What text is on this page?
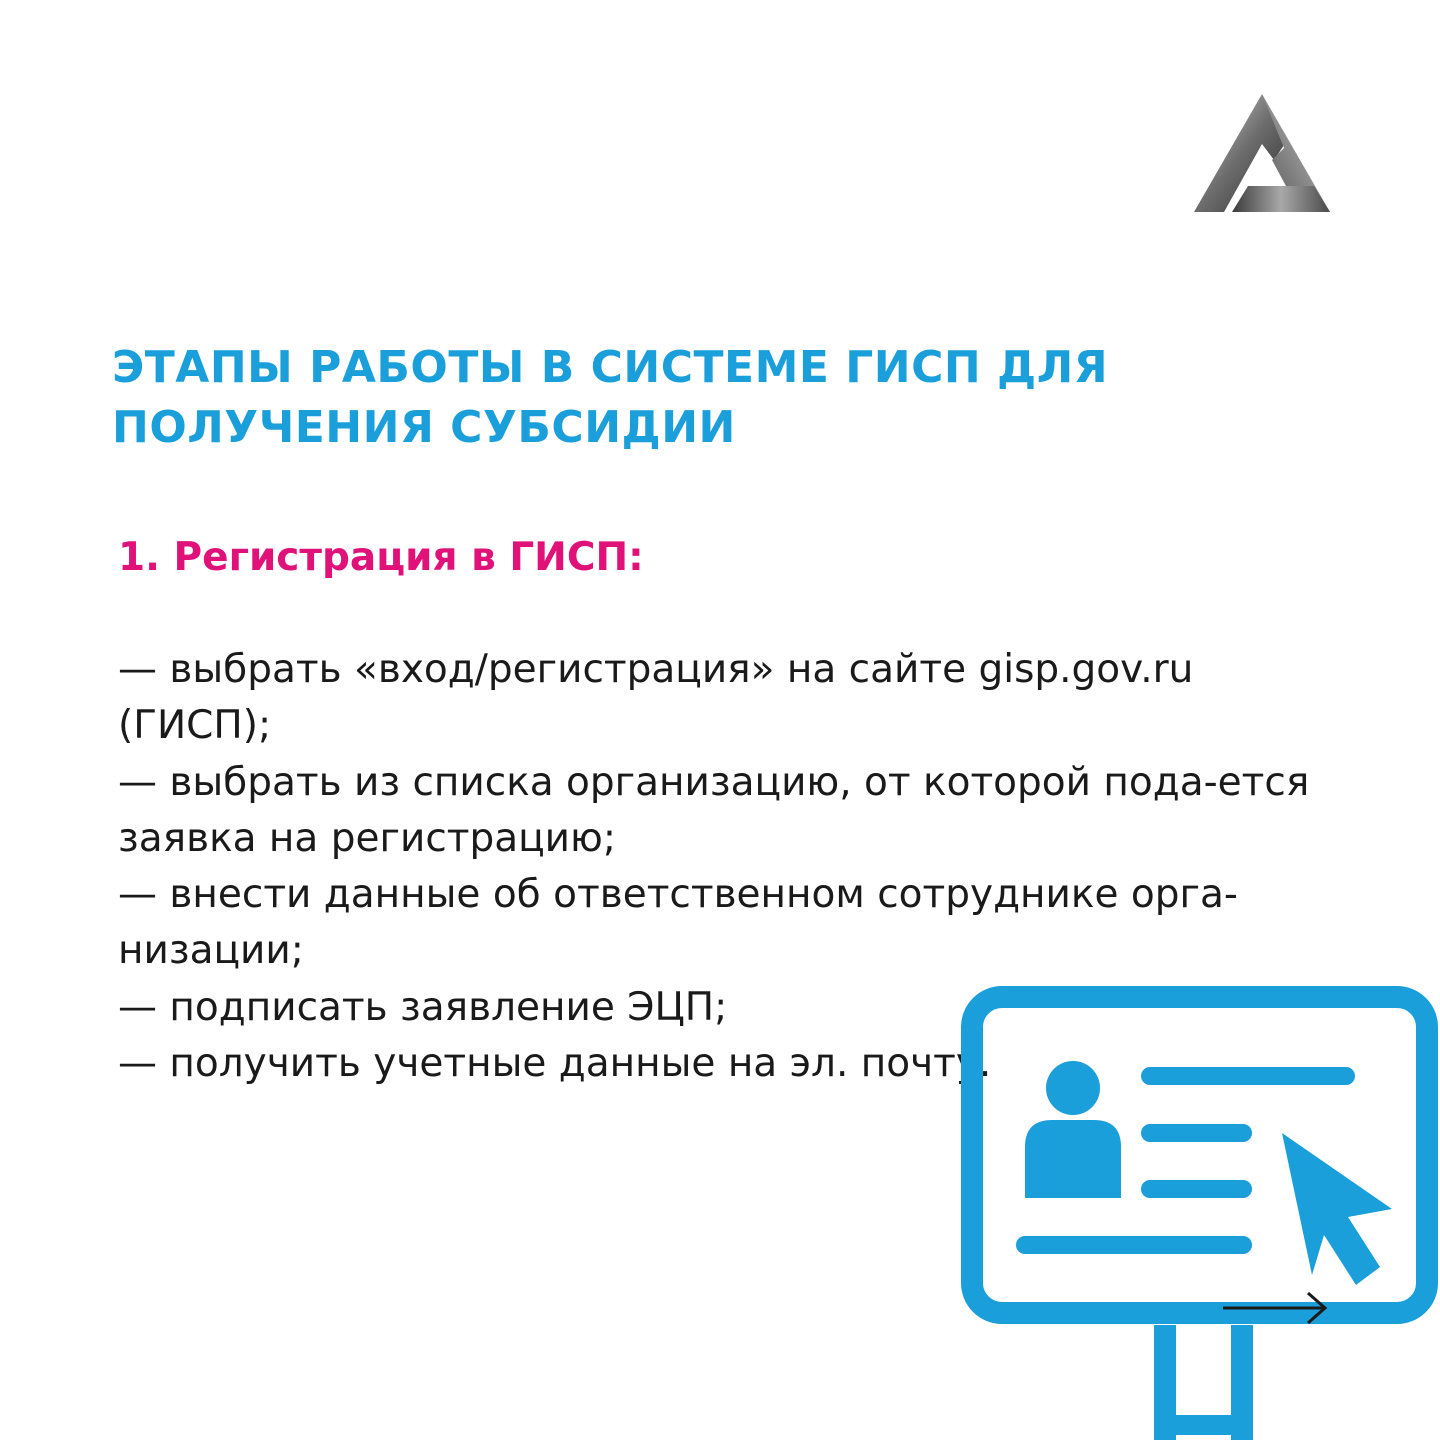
ЭТАПЫ РАБОТЫ В СИСТЕМЕ ГИСП ДЛЯ ПОЛУЧЕНИЯ СУБСИДИИ
1. Регистрация в ГИСП:
— выбрать «вход/регистрация» на сайте gisp.gov.ru (ГИСП);
— выбрать из списка организацию, от которой пода-ется заявка на регистрацию;
— внести данные об ответственном сотруднике орга-низации;
— подписать заявление ЭЦП;
— получить учетные данные на эл. почту.
